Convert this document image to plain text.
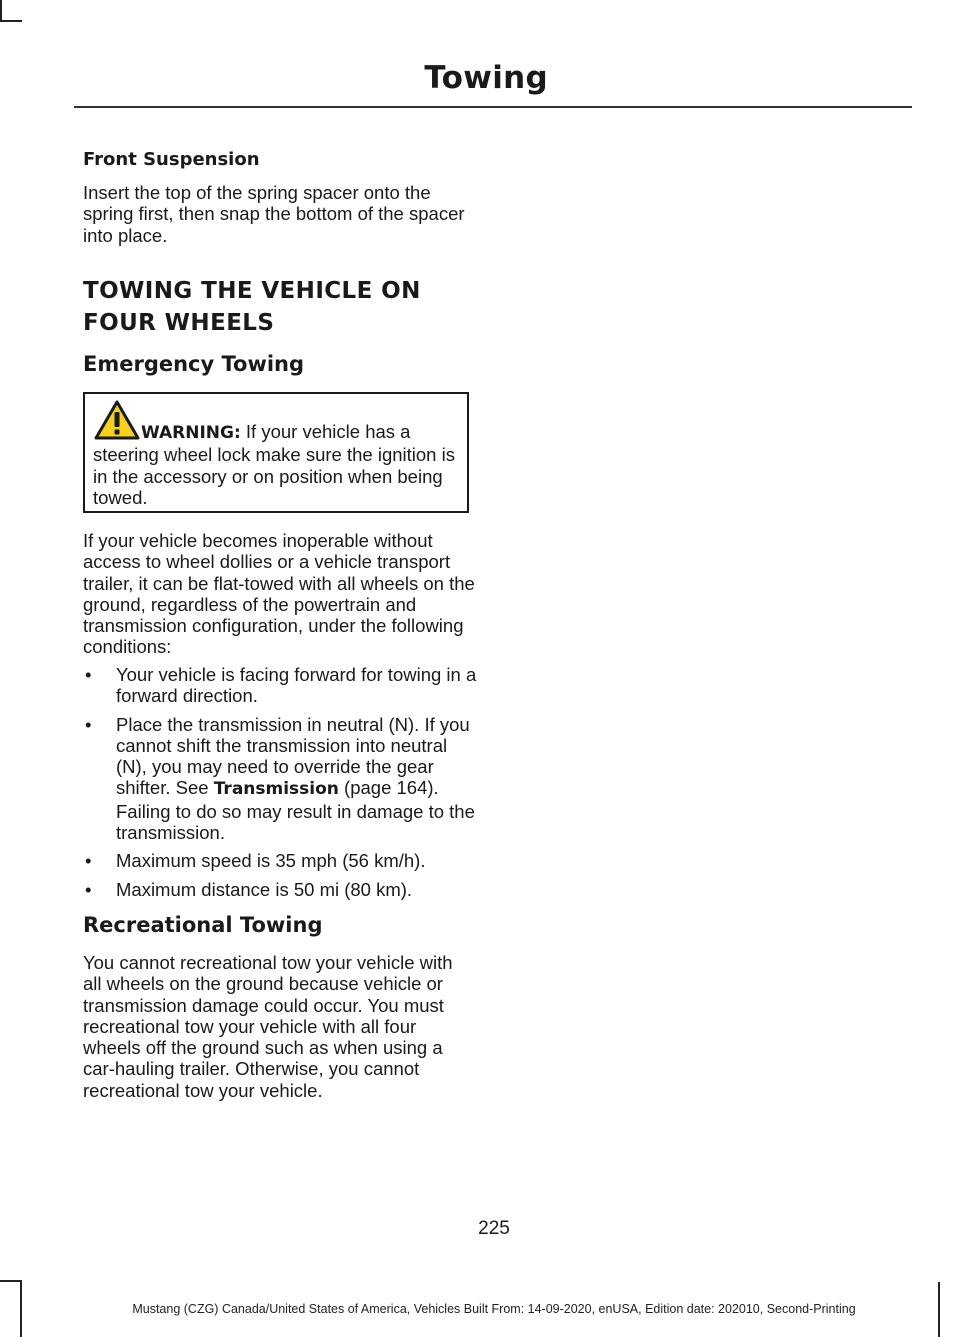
Towing
Front Suspension
Insert the top of the spring spacer onto the spring first, then snap the bottom of the spacer into place.
TOWING THE VEHICLE ON
FOUR WHEELS
Emergency Towing
WARNING: If your vehicle has a steering wheel lock make sure the ignition is in the accessory or on position when being towed.
If your vehicle becomes inoperable without access to wheel dollies or a vehicle transport trailer, it can be flat-towed with all wheels on the ground, regardless of the powertrain and transmission configuration, under the following conditions:
• Your vehicle is facing forward for towing in a forward direction.
• Place the transmission in neutral (N). If you cannot shift the transmission into neutral (N), you may need to override the gear shifter. See Transmission (page 164). Failing to do so may result in damage to the transmission.
• Maximum speed is 35 mph (56 km/h).
• Maximum distance is 50 mi (80 km).
Recreational Towing
You cannot recreational tow your vehicle with all wheels on the ground because vehicle or transmission damage could occur. You must recreational tow your vehicle with all four wheels off the ground such as when using a car-hauling trailer. Otherwise, you cannot recreational tow your vehicle.
225
Mustang (CZG) Canada/United States of America, Vehicles Built From: 14-09-2020, enUSA, Edition date: 202010, Second-Printing
